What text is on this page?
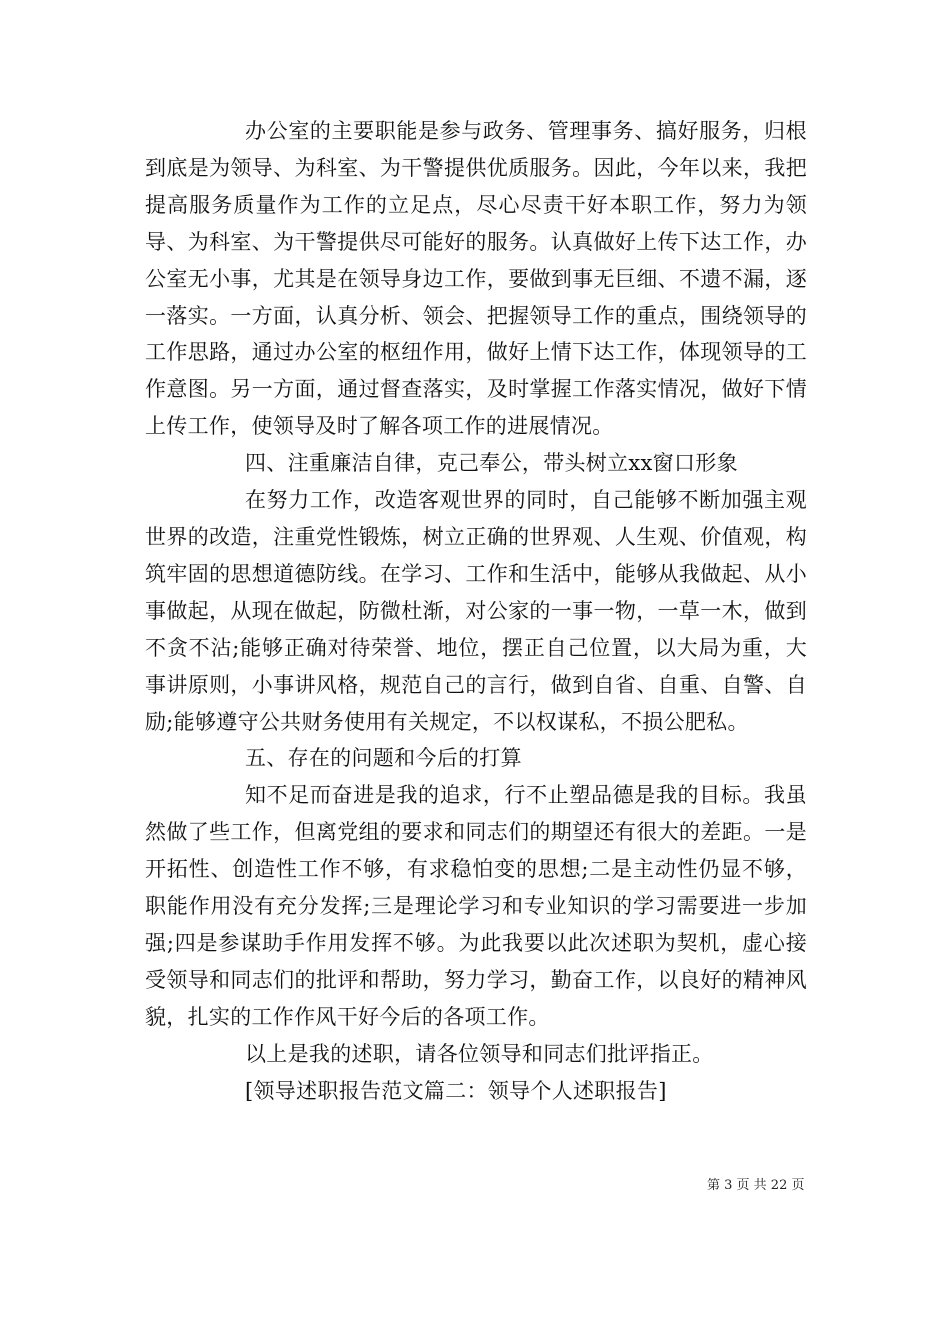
办公室的主要职能是参与政务、管理事务、搞好服务，归根到底是为领导、为科室、为干警提供优质服务。因此，今年以来，我把提高服务质量作为工作的立足点，尽心尽责干好本职工作，努力为领导、为科室、为干警提供尽可能好的服务。认真做好上传下达工作，办公室无小事，尤其是在领导身边工作，要做到事无巨细、不遗不漏，逐一落实。一方面，认真分析、领会、把握领导工作的重点，围绕领导的工作思路，通过办公室的枢纽作用，做好上情下达工作，体现领导的工作意图。另一方面，通过督查落实，及时掌握工作落实情况，做好下情上传工作，使领导及时了解各项工作的进展情况。

四、注重廉洁自律，克己奉公，带头树立xx窗口形象

在努力工作，改造客观世界的同时，自己能够不断加强主观世界的改造，注重党性锻炼，树立正确的世界观、人生观、价值观，构筑牢固的思想道德防线。在学习、工作和生活中，能够从我做起、从小事做起，从现在做起，防微杜渐，对公家的一事一物，一草一木，做到不贪不沾;能够正确对待荣誉、地位，摆正自己位置，以大局为重，大事讲原则，小事讲风格，规范自己的言行，做到自省、自重、自警、自励;能够遵守公共财务使用有关规定，不以权谋私，不损公肥私。

五、存在的问题和今后的打算

知不足而奋进是我的追求，行不止塑品德是我的目标。我虽然做了些工作，但离党组的要求和同志们的期望还有很大的差距。一是开拓性、创造性工作不够，有求稳怕变的思想;二是主动性仍显不够，职能作用没有充分发挥;三是理论学习和专业知识的学习需要进一步加强;四是参谋助手作用发挥不够。为此我要以此次述职为契机，虚心接受领导和同志们的批评和帮助，努力学习，勤奋工作，以良好的精神风貌，扎实的工作作风干好今后的各项工作。

以上是我的述职，请各位领导和同志们批评指正。

[领导述职报告范文篇二：领导个人述职报告]

第 3 页 共 22 页
